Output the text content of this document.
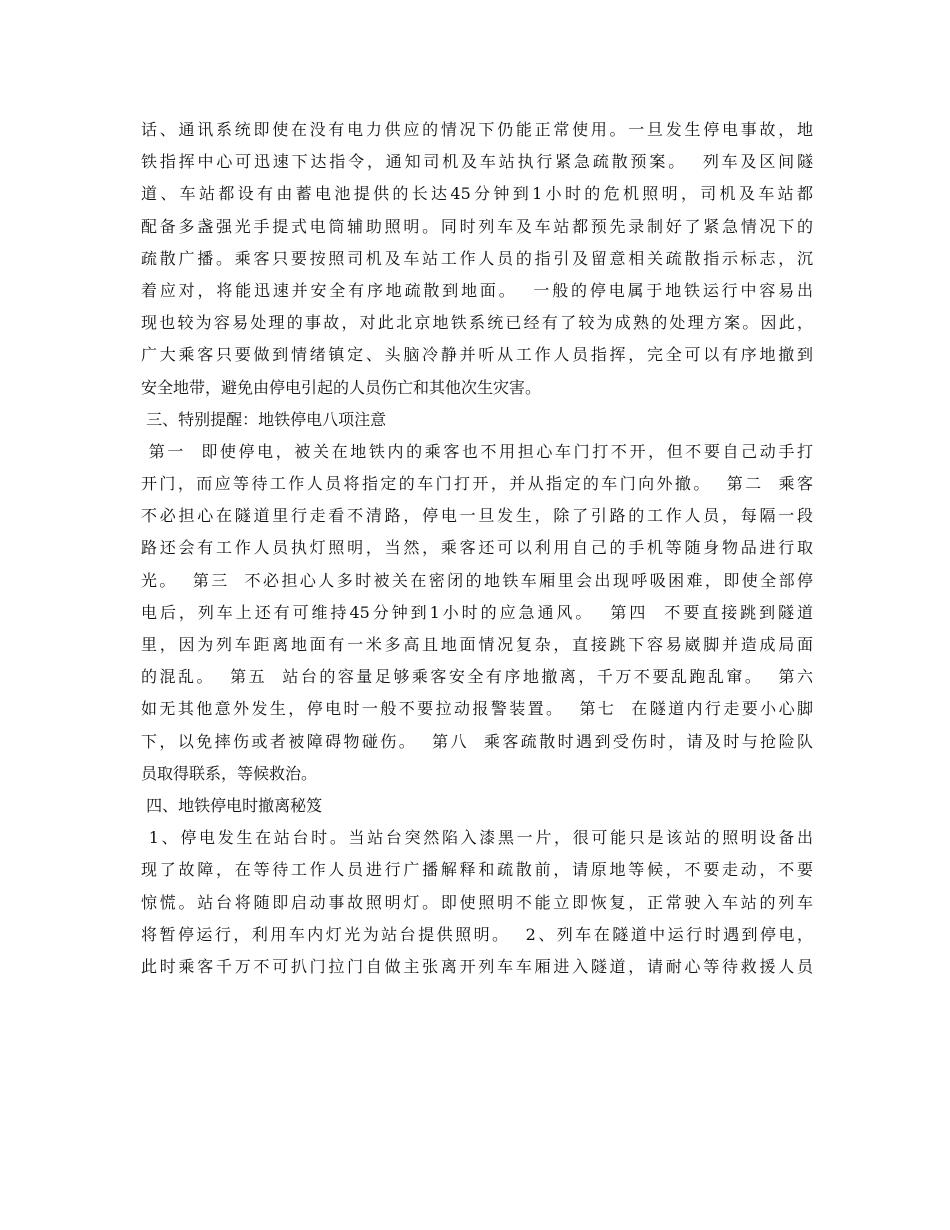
话、通讯系统即使在没有电力供应的情况下仍能正常使用。一旦发生停电事故，地
铁指挥中心可迅速下达指令，通知司机及车站执行紧急疏散预案。  列车及区间隧
道、车站都设有由蓄电池提供的长达45分钟到1小时的危机照明，司机及车站都
配备多盏强光手提式电筒辅助照明。同时列车及车站都预先录制好了紧急情况下的
疏散广播。乘客只要按照司机及车站工作人员的指引及留意相关疏散指示标志，沉
着应对，将能迅速并安全有序地疏散到地面。  一般的停电属于地铁运行中容易出
现也较为容易处理的事故，对此北京地铁系统已经有了较为成熟的处理方案。因此，
广大乘客只要做到情绪镇定、头脑冷静并听从工作人员指挥，完全可以有序地撤到
安全地带，避免由停电引起的人员伤亡和其他次生灾害。
三、特别提醒：地铁停电八项注意
第一  即使停电，被关在地铁内的乘客也不用担心车门打不开，但不要自己动手打
开门，而应等待工作人员将指定的车门打开，并从指定的车门向外撤。  第二  乘客
不必担心在隧道里行走看不清路，停电一旦发生，除了引路的工作人员，每隔一段
路还会有工作人员执灯照明，当然，乘客还可以利用自己的手机等随身物品进行取
光。  第三  不必担心人多时被关在密闭的地铁车厢里会出现呼吸困难，即使全部停
电后，列车上还有可维持45分钟到1小时的应急通风。  第四  不要直接跳到隧道
里，因为列车距离地面有一米多高且地面情况复杂，直接跳下容易崴脚并造成局面
的混乱。  第五  站台的容量足够乘客安全有序地撤离，千万不要乱跑乱窜。  第六
如无其他意外发生，停电时一般不要拉动报警装置。  第七  在隧道内行走要小心脚
下，以免摔伤或者被障碍物碰伤。  第八  乘客疏散时遇到受伤时，请及时与抢险队
员取得联系，等候救治。
四、地铁停电时撤离秘笈
1、停电发生在站台时。当站台突然陷入漆黑一片，很可能只是该站的照明设备出
现了故障，在等待工作人员进行广播解释和疏散前，请原地等候，不要走动，不要
惊慌。站台将随即启动事故照明灯。即使照明不能立即恢复，正常驶入车站的列车
将暂停运行，利用车内灯光为站台提供照明。  2、列车在隧道中运行时遇到停电，
此时乘客千万不可扒门拉门自做主张离开列车车厢进入隧道，请耐心等待救援人员
